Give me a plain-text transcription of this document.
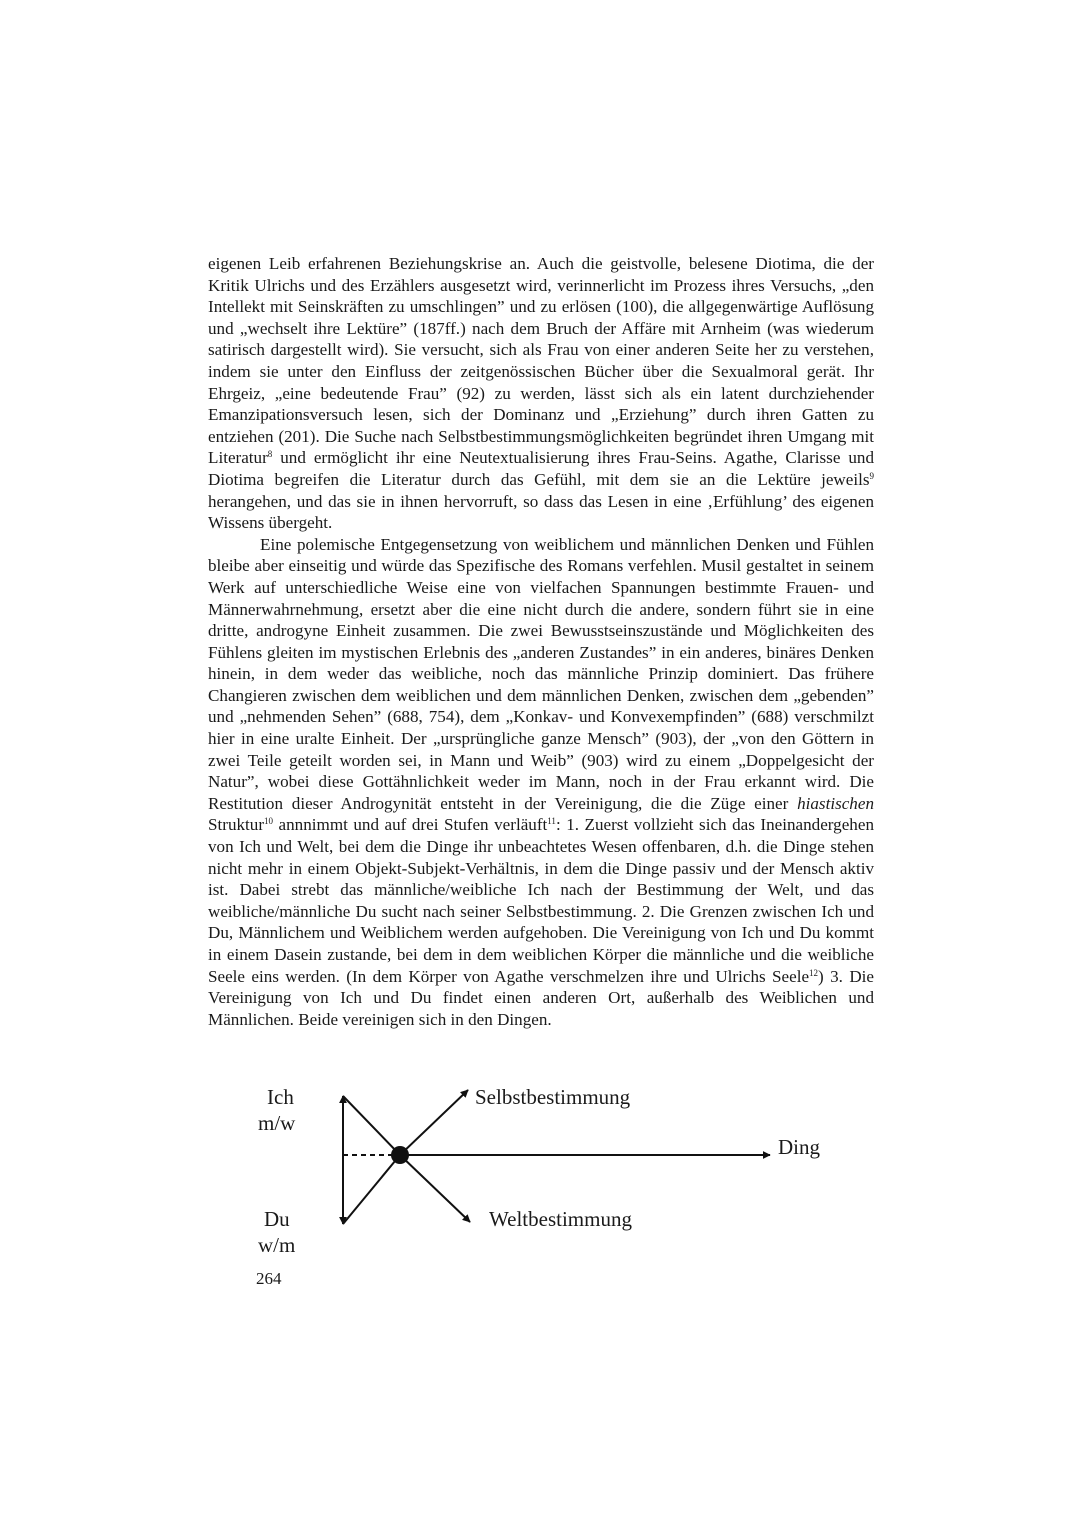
eigenen Leib erfahrenen Beziehungskrise an. Auch die geistvolle, belesene Diotima, die der Kritik Ulrichs und des Erzählers ausgesetzt wird, verinnerlicht im Prozess ihres Versuchs, „den Intellekt mit Seinskräften zu umschlingen” und zu erlösen (100), die allgegenwärtige Auflösung und „wechselt ihre Lektüre” (187ff.) nach dem Bruch der Affäre mit Arnheim (was wiederum satirisch dargestellt wird). Sie versucht, sich als Frau von einer anderen Seite her zu verstehen, indem sie unter den Einfluss der zeitgenössischen Bücher über die Sexualmoral gerät. Ihr Ehrgeiz, „eine bedeutende Frau” (92) zu werden, lässt sich als ein latent durchziehender Emanzipationsversuch lesen, sich der Dominanz und „Erziehung” durch ihren Gatten zu entziehen (201). Die Suche nach Selbstbestimmungsmöglichkeiten begründet ihren Umgang mit Literatur$^8$ und ermöglicht ihr eine Neutextualisierung ihres Frau-Seins. Agathe, Clarisse und Diotima begreifen die Literatur durch das Gefühl, mit dem sie an die Lektüre jeweils$^9$ herangehen, und das sie in ihnen hervorruft, so dass das Lesen in eine ‚Erfühlung’ des eigenen Wissens übergeht.

Eine polemische Entgegensetzung von weiblichem und männlichen Denken und Fühlen bleibe aber einseitig und würde das Spezifische des Romans verfehlen. Musil gestaltet in seinem Werk auf unterschiedliche Weise eine von vielfachen Spannungen bestimmte Frauen- und Männerwahrnehmung, ersetzt aber die eine nicht durch die andere, sondern führt sie in eine dritte, androgyne Einheit zusammen. Die zwei Bewusstseinszustände und Möglichkeiten des Fühlens gleiten im mystischen Erlebnis des „anderen Zustandes” in ein anderes, binäres Denken hinein, in dem weder das weibliche, noch das männliche Prinzip dominiert. Das frühere Changieren zwischen dem weiblichen und dem männlichen Denken, zwischen dem „gebenden” und „nehmenden Sehen” (688, 754), dem „Konkav- und Konvexempfinden” (688) verschmilzt hier in eine uralte Einheit. Der „ursprüngliche ganze Mensch” (903), der „von den Göttern in zwei Teile geteilt worden sei, in Mann und Weib” (903) wird zu einem „Doppelgesicht der Natur”, wobei diese Gottähnlichkeit weder im Mann, noch in der Frau erkannt wird. Die Restitution dieser Androgynität entsteht in der Vereinigung, die die Züge einer hiastischen Struktur$^{10}$ annnimmt und auf drei Stufen verläuft$^{11}$: 1. Zuerst vollzieht sich das Ineinandergehen von Ich und Welt, bei dem die Dinge ihr unbeachtetes Wesen offenbaren, d.h. die Dinge stehen nicht mehr in einem Objekt-Subjekt-Verhältnis, in dem die Dinge passiv und der Mensch aktiv ist. Dabei strebt das männliche/weibliche Ich nach der Bestimmung der Welt, und das weibliche/männliche Du sucht nach seiner Selbstbestimmung. 2. Die Grenzen zwischen Ich und Du, Männlichem und Weiblichem werden aufgehoben. Die Vereinigung von Ich und Du kommt in einem Dasein zustande, bei dem in dem weiblichen Körper die männliche und die weibliche Seele eins werden. (In dem Körper von Agathe verschmelzen ihre und Ulrichs Seele$^{12}$) 3. Die Vereinigung von Ich und Du findet einen anderen Ort, außerhalb des Weiblichen und Männlichen. Beide vereinigen sich in den Dingen.

Ich
m/w
Du
w/m
Selbstbestimmung
Weltbestimmung
Ding
264
